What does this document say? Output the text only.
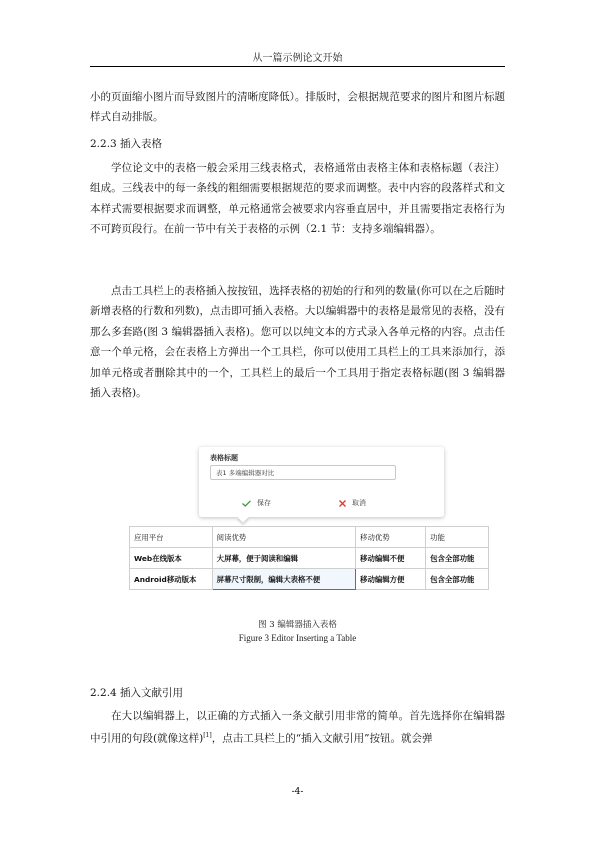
从一篇示例论文开始
小的页面缩小图片而导致图片的清晰度降低）。排版时，会根据规范要求的图片和图片标题样式自动排版。
2.2.3 插入表格
学位论文中的表格一般会采用三线表格式，表格通常由表格主体和表格标题（表注）组成。三线表中的每一条线的粗细需要根据规范的要求而调整。表中内容的段落样式和文本样式需要根据要求而调整，单元格通常会被要求内容垂直居中，并且需要指定表格行为不可跨页段行。在前一节中有关于表格的示例（2.1 节：支持多端编辑器）。
点击工具栏上的表格插入按按钮，选择表格的初始的行和列的数量(你可以在之后随时新增表格的行数和列数)，点击即可插入表格。大以编辑器中的表格是最常见的表格，没有那么多套路(图 3 编辑器插入表格)。您可以以纯文本的方式录入各单元格的内容。点击任意一个单元格，会在表格上方弹出一个工具栏，你可以使用工具栏上的工具来添加行，添加单元格或者删除其中的一个，工具栏上的最后一个工具用于指定表格标题(图 3 编辑器插入表格)。
表格标题
表1 多端编辑器对比
保存	取消
应用平台	阅读优势	移动优势	功能
Web在线版本	大屏幕，便于阅读和编辑	移动编辑不便	包含全部功能
Android移动版本	屏幕尺寸限制，编辑大表格不便	移动编辑方便	包含全部功能
图 3 编辑器插入表格
Figure 3 Editor Inserting a Table
2.2.4 插入文献引用
在大以编辑器上，以正确的方式插入一条文献引用非常的简单。首先选择你在编辑器中引用的句段(就像这样)[1]，点击工具栏上的“插入文献引用”按钮。就会弹
-4-
